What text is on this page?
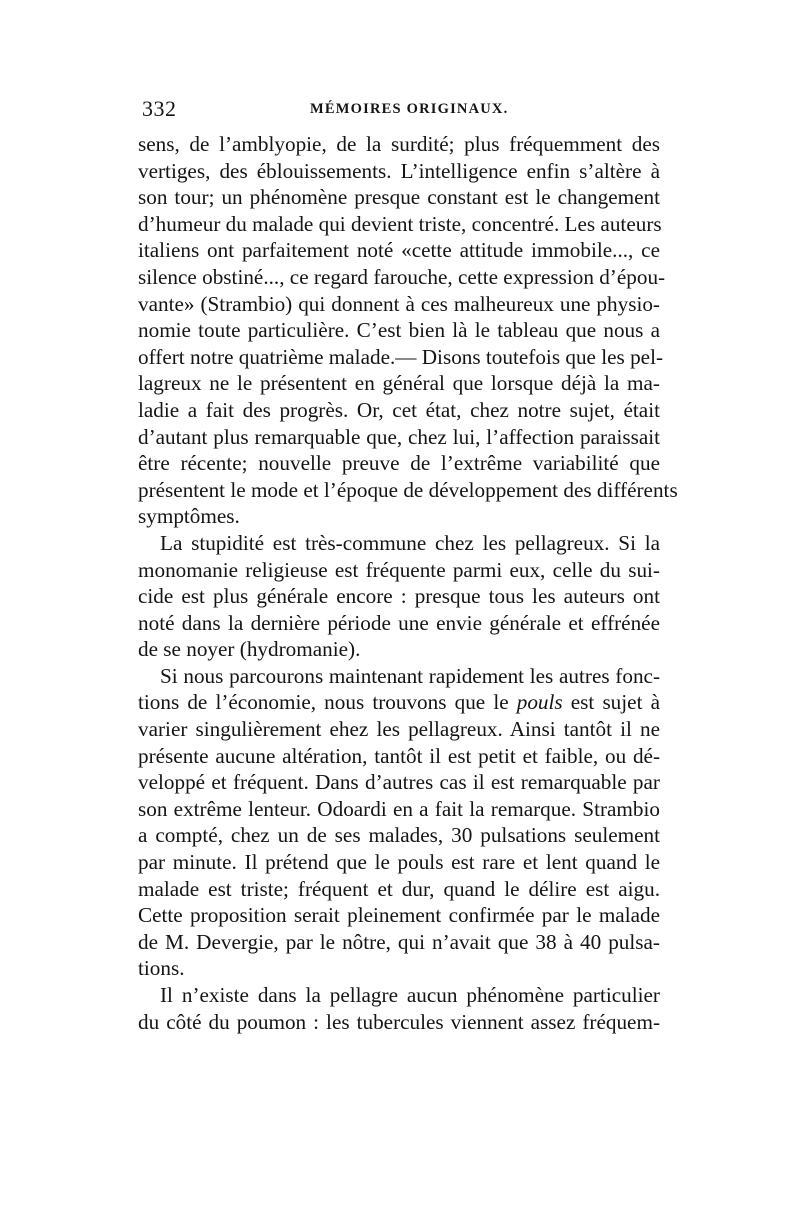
332	MÉMOIRES ORIGINAUX.

sens, de l’amblyopie, de la surdité; plus fréquemment des
vertiges, des éblouissements. L’intelligence enfin s’altère à
son tour; un phénomène presque constant est le changement
d’humeur du malade qui devient triste, concentré. Les auteurs
italiens ont parfaitement noté «cette attitude immobile..., ce
silence obstiné..., ce regard farouche, cette expression d’épou-
vante» (Strambio) qui donnent à ces malheureux une physio-
nomie toute particulière. C’est bien là le tableau que nous a
offert notre quatrième malade.— Disons toutefois que les pel-
lagreux ne le présentent en général que lorsque déjà la ma-
ladie a fait des progrès. Or, cet état, chez notre sujet, était
d’autant plus remarquable que, chez lui, l’affection paraissait
être récente; nouvelle preuve de l’extrême variabilité que
présentent le mode et l’époque de développement des différents
symptômes.

La stupidité est très-commune chez les pellagreux. Si la
monomanie religieuse est fréquente parmi eux, celle du sui-
cide est plus générale encore : presque tous les auteurs ont
noté dans la dernière période une envie générale et effrénée
de se noyer (hydromanie).

Si nous parcourons maintenant rapidement les autres fonc-
tions de l’économie, nous trouvons que le pouls est sujet à
varier singulièrement ehez les pellagreux. Ainsi tantôt il ne
présente aucune altération, tantôt il est petit et faible, ou dé-
veloppé et fréquent. Dans d’autres cas il est remarquable par
son extrême lenteur. Odoardi en a fait la remarque. Strambio
a compté, chez un de ses malades, 30 pulsations seulement
par minute. Il prétend que le pouls est rare et lent quand le
malade est triste; fréquent et dur, quand le délire est aigu.
Cette proposition serait pleinement confirmée par le malade
de M. Devergie, par le nôtre, qui n’avait que 38 à 40 pulsa-
tions.

Il n’existe dans la pellagre aucun phénomène particulier
du côté du poumon : les tubercules viennent assez fréquem-
